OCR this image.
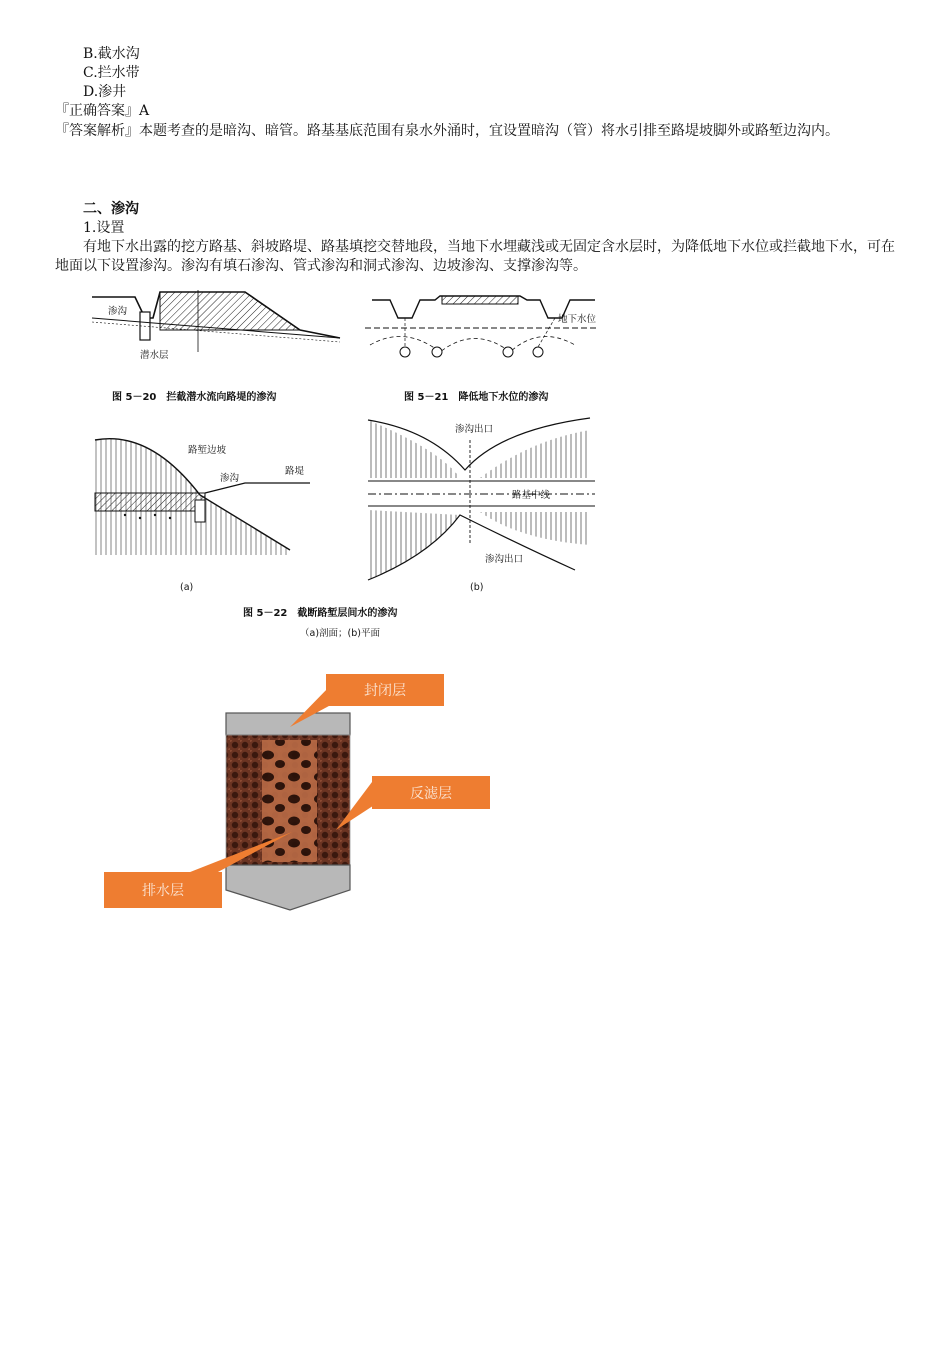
B.截水沟
C.拦水带
D.渗井
『正确答案』A
『答案解析』本题考查的是暗沟、暗管。路基基底范围有泉水外涌时，宜设置暗沟（管）将水引排至路堤坡脚外或路堑边沟内。
二、渗沟
1.设置
有地下水出露的挖方路基、斜坡路堤、路基填挖交替地段，当地下水埋藏浅或无固定含水层时，为降低地下水位或拦截地下水，可在地面以下设置渗沟。渗沟有填石渗沟、管式渗沟和洞式渗沟、边坡渗沟、支撑渗沟等。
渗沟
潜水层
图 5－20　拦截潜水流向路堤的渗沟
地下水位
图 5－21　降低地下水位的渗沟
路堑边坡
渗沟
路堤
(a)
渗沟出口
路基中线
渗沟出口
(b)
图 5－22　截断路堑层间水的渗沟
（a)剖面；(b)平面
封闭层
反滤层
排水层
